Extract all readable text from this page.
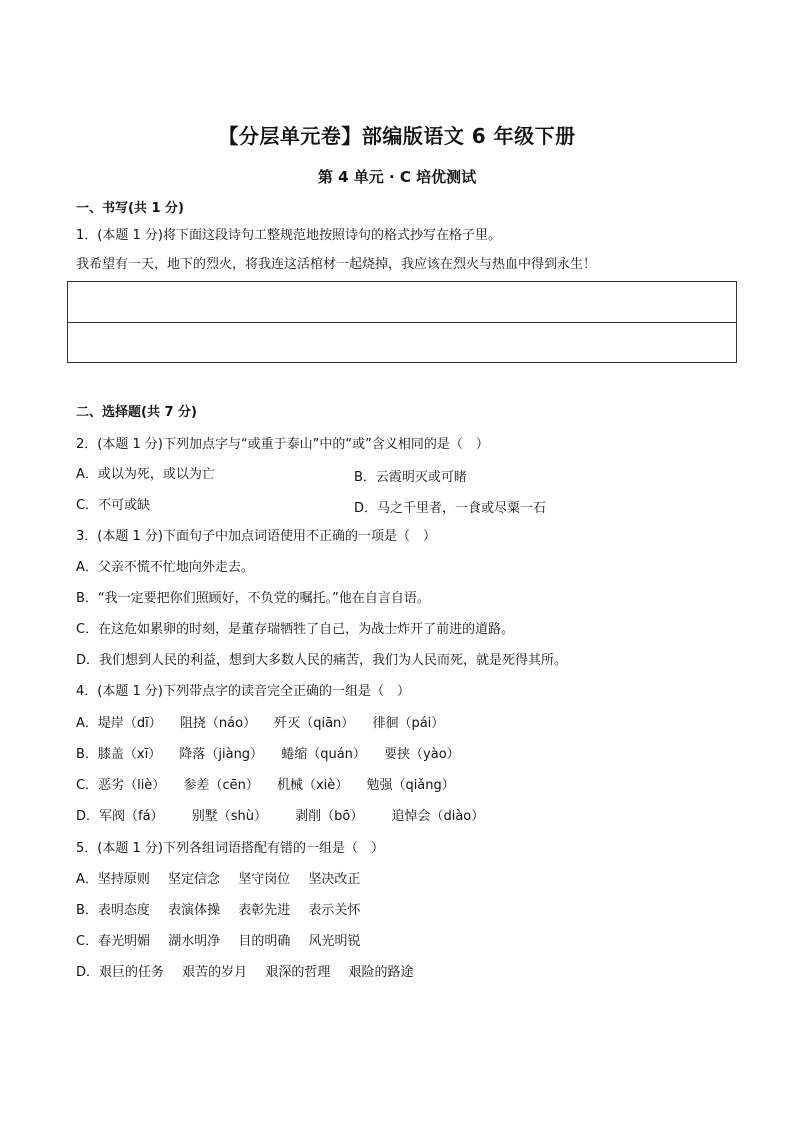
【分层单元卷】部编版语文 6 年级下册
第 4 单元 · C 培优测试
一、书写(共 1 分)
1．(本题 1 分)将下面这段诗句工整规范地按照诗句的格式抄写在格子里。
我希望有一天，地下的烈火，将我连这活棺材一起烧掉，我应该在烈火与热血中得到永生！
二、选择题(共 7 分)
2．(本题 1 分)下列加点字与“或重于泰山”中的“或”含义相同的是（　）
A．或以为死，或以为亡	B．云霞明灭或可睹
C．不可或缺	D．马之千里者，一食或尽粟一石
3．(本题 1 分)下面句子中加点词语使用不正确的一项是（　）
A．父亲不慌不忙地向外走去。
B．“我一定要把你们照顾好，不负党的嘱托。”他在自言自语。
C．在这危如累卵的时刻，是董存瑞牺牲了自己，为战士炸开了前进的道路。
D．我们想到人民的利益，想到大多数人民的痛苦，我们为人民而死，就是死得其所。
4．(本题 1 分)下列带点字的读音完全正确的一组是（　）
A．堤岸（dī） 阻挠（náo） 歼灭（qiān） 徘徊（pái）
B．膝盖（xī） 降落（jiàng） 蜷缩（quán） 要挟（yào）
C．恶劣（liè） 参差（cēn） 机械（xiè） 勉强（qiǎng）
D．军阀（fá） 别墅（shù） 剥削（bō） 追悼会（diào）
5．(本题 1 分)下列各组词语搭配有错的一组是（　）
A．坚持原则 坚定信念 坚守岗位 坚决改正
B．表明态度 表演体操 表彰先进 表示关怀
C．春光明媚 湖水明净 目的明确 风光明锐
D．艰巨的任务 艰苦的岁月 艰深的哲理 艰险的路途
